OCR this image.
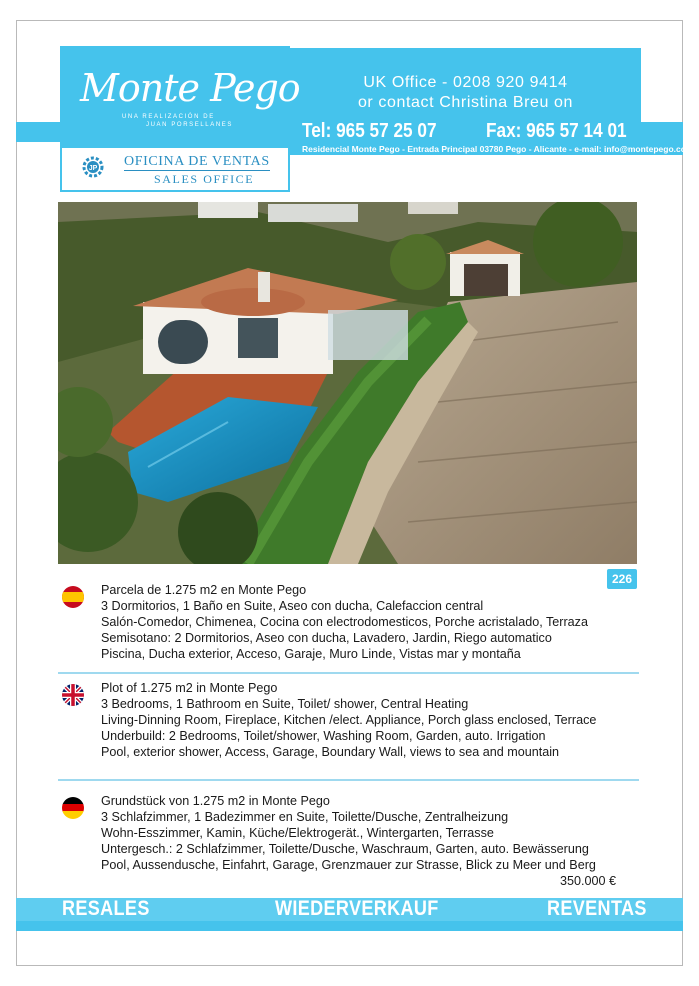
UK Office - 0208 920 9414
or contact Christina Breu on
Tel: 965 57 25 07 Fax: 965 57 14 01
Residencial Monte Pego - Entrada Principal 03780 Pego - Alicante - e-mail: info@montepego.com
Monte Pego
UNA REALIZACIÓN DE
JUAN PORSELLANES
JP OFICINA DE VENTAS
SALES OFFICE
226
Parcela de 1.275 m2 en Monte Pego
3 Dormitorios, 1 Baño en Suite, Aseo con ducha, Calefaccion central
Salón-Comedor, Chimenea, Cocina con electrodomesticos, Porche acristalado, Terraza
Semisotano: 2 Dormitorios, Aseo con ducha, Lavadero, Jardin, Riego automatico
Piscina, Ducha exterior, Acceso, Garaje, Muro Linde, Vistas mar y montaña
Plot of 1.275 m2 in Monte Pego
3 Bedrooms, 1 Bathroom en Suite, Toilet/ shower, Central Heating
Living-Dinning Room, Fireplace, Kitchen /elect. Appliance, Porch glass enclosed, Terrace
Underbuild: 2 Bedrooms, Toilet/shower, Washing Room, Garden, auto. Irrigation
Pool, exterior shower, Access, Garage, Boundary Wall, views to sea and mountain
Grundstück von 1.275 m2 in Monte Pego
3 Schlafzimmer, 1 Badezimmer en Suite, Toilette/Dusche, Zentralheizung
Wohn-Esszimmer, Kamin, Küche/Elektrogerät., Wintergarten, Terrasse
Untergesch.: 2 Schlafzimmer, Toilette/Dusche, Waschraum, Garten, auto. Bewässerung
Pool, Aussendusche, Einfahrt, Garage, Grenzmauer zur Strasse, Blick zu Meer und Berg
350.000 €
RESALES	WIEDERVERKAUF	REVENTAS
